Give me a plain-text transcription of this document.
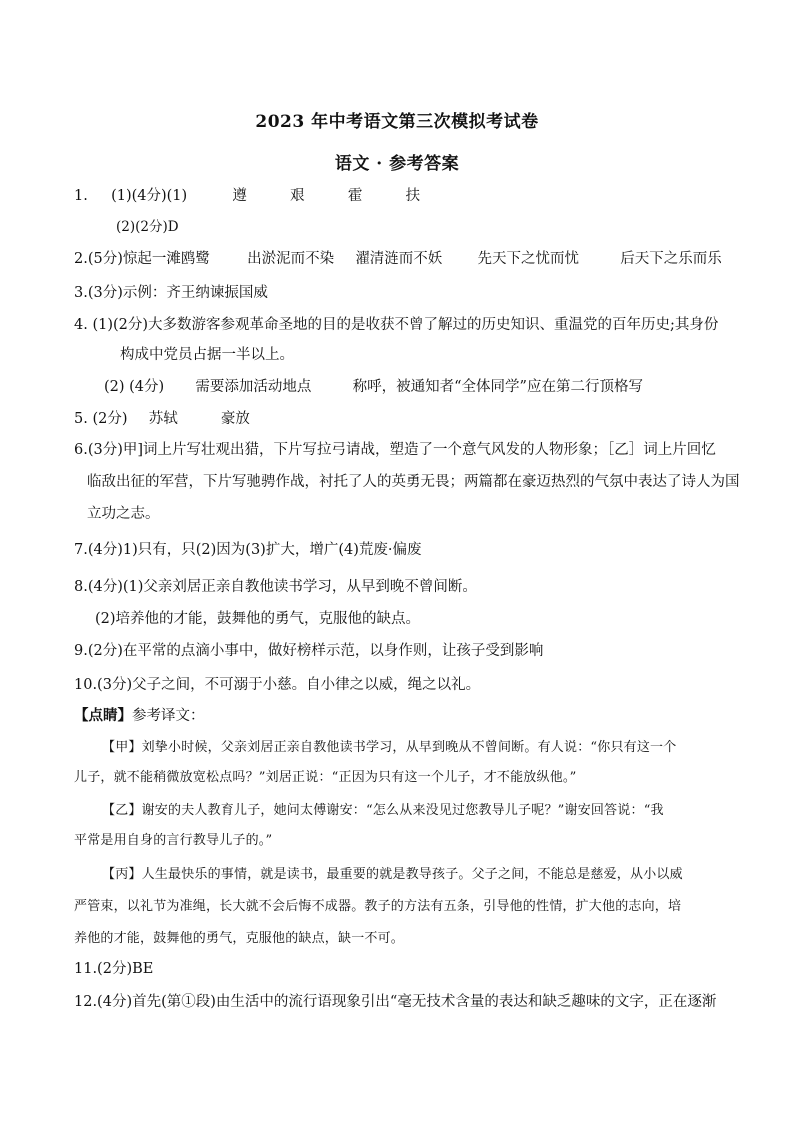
2023 年中考语文第三次模拟考试卷
语文 · 参考答案
1. (1)(4分)(1)	遵	艰	霍	扶
(2)(2分)D
2.(5分)惊起一滩鸥鹭	出淤泥而不染 濯清涟而不妖 先天下之忧而忧	后天下之乐而乐
3.(3分)示例：齐王纳谏振国威
4. (1)(2分)大多数游客参观革命圣地的目的是收获不曾了解过的历史知识、重温党的百年历史;其身份
构成中党员占据一半以上。
(2) (4分) 需要添加活动地点	称呼，被通知者“全体同学”应在第二行顶格写
5. (2分) 苏轼	豪放
6.(3分)甲]词上片写壮观出猎，下片写拉弓请战，塑造了一个意气风发的人物形象；［乙］词上片回忆
临敌出征的军营，下片写驰骋作战，衬托了人的英勇无畏；两篇都在豪迈热烈的气氛中表达了诗人为国
立功之志。
7.(4分)1)只有，只(2)因为(3)扩大，增广(4)荒废·偏废
8.(4分)(1)父亲刘居正亲自教他读书学习，从早到晚不曾间断。
(2)培养他的才能，鼓舞他的勇气，克服他的缺点。
9.(2分)在平常的点滴小事中，做好榜样示范，以身作则，让孩子受到影响
10.(3分)父子之间，不可溺于小慈。自小律之以威，绳之以礼。
【点睛】参考译文：
【甲】刘挚小时候，父亲刘居正亲自教他读书学习，从早到晚从不曾间断。有人说：“你只有这一个
儿子，就不能稍微放宽松点吗？”刘居正说：“正因为只有这一个儿子，才不能放纵他。”
【乙】谢安的夫人教育儿子，她问太傅谢安：“怎么从来没见过您教导儿子呢？”谢安回答说：“我
平常是用自身的言行教导儿子的。”
【丙】人生最快乐的事情，就是读书，最重要的就是教导孩子。父子之间，不能总是慈爱，从小以威
严管束，以礼节为准绳，长大就不会后悔不成器。教子的方法有五条，引导他的性情，扩大他的志向，培
养他的才能，鼓舞他的勇气，克服他的缺点，缺一不可。
11.(2分)BE
12.(4分)首先(第①段)由生活中的流行语现象引出“毫无技术含量的表达和缺乏趣味的文字，正在逐渐
